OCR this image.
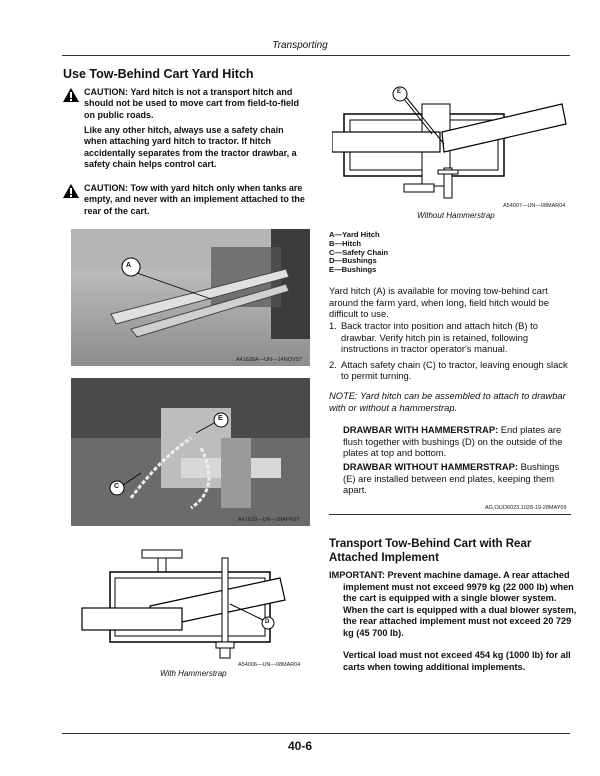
Transporting
Use Tow-Behind Cart Yard Hitch
CAUTION: Yard hitch is not a transport hitch and should not be used to move cart from field-to-field on public roads.
Like any other hitch, always use a safety chain when attaching yard hitch to tractor. If hitch accidentally separates from the tractor drawbar, a safety chain helps control cart.
CAUTION: Tow with yard hitch only when tanks are empty, and never with an implement attached to the rear of the cart.
A
A41628A—UN—14NOV97
E
C
A41629—UN—28APR97
D
A54006—UN—08MAR04
With Hammerstrap
E
A54007—UN—08MAR04
Without Hammerstrap
A—Yard Hitch
B—Hitch
C—Safety Chain
D—Bushings
E—Bushings
Yard hitch (A) is available for moving tow-behind cart around the farm yard, when long, field hitch would be difficult to use.
1. Back tractor into position and attach hitch (B) to drawbar. Verify hitch pin is retained, following instructions in tractor operator's manual.
2. Attach safety chain (C) to tractor, leaving enough slack to permit turning.
NOTE: Yard hitch can be assembled to attach to drawbar with or without a hammerstrap.
DRAWBAR WITH HAMMERSTRAP: End plates are flush together with bushings (D) on the outside of the plates at top and bottom.
DRAWBAR WITHOUT HAMMERSTRAP: Bushings (E) are installed between end plates, keeping them apart.
AG,OUO6023,1028-19-28MAY09
Transport Tow-Behind Cart with Rear Attached Implement
IMPORTANT: Prevent machine damage. A rear attached implement must not exceed 9979 kg (22 000 lb) when the cart is equipped with a single blower system. When the cart is equipped with a dual blower system, the rear attached implement must not exceed 20 729 kg (45 700 lb).
Vertical load must not exceed 454 kg (1000 lb) for all carts when towing additional implements.
40-6
